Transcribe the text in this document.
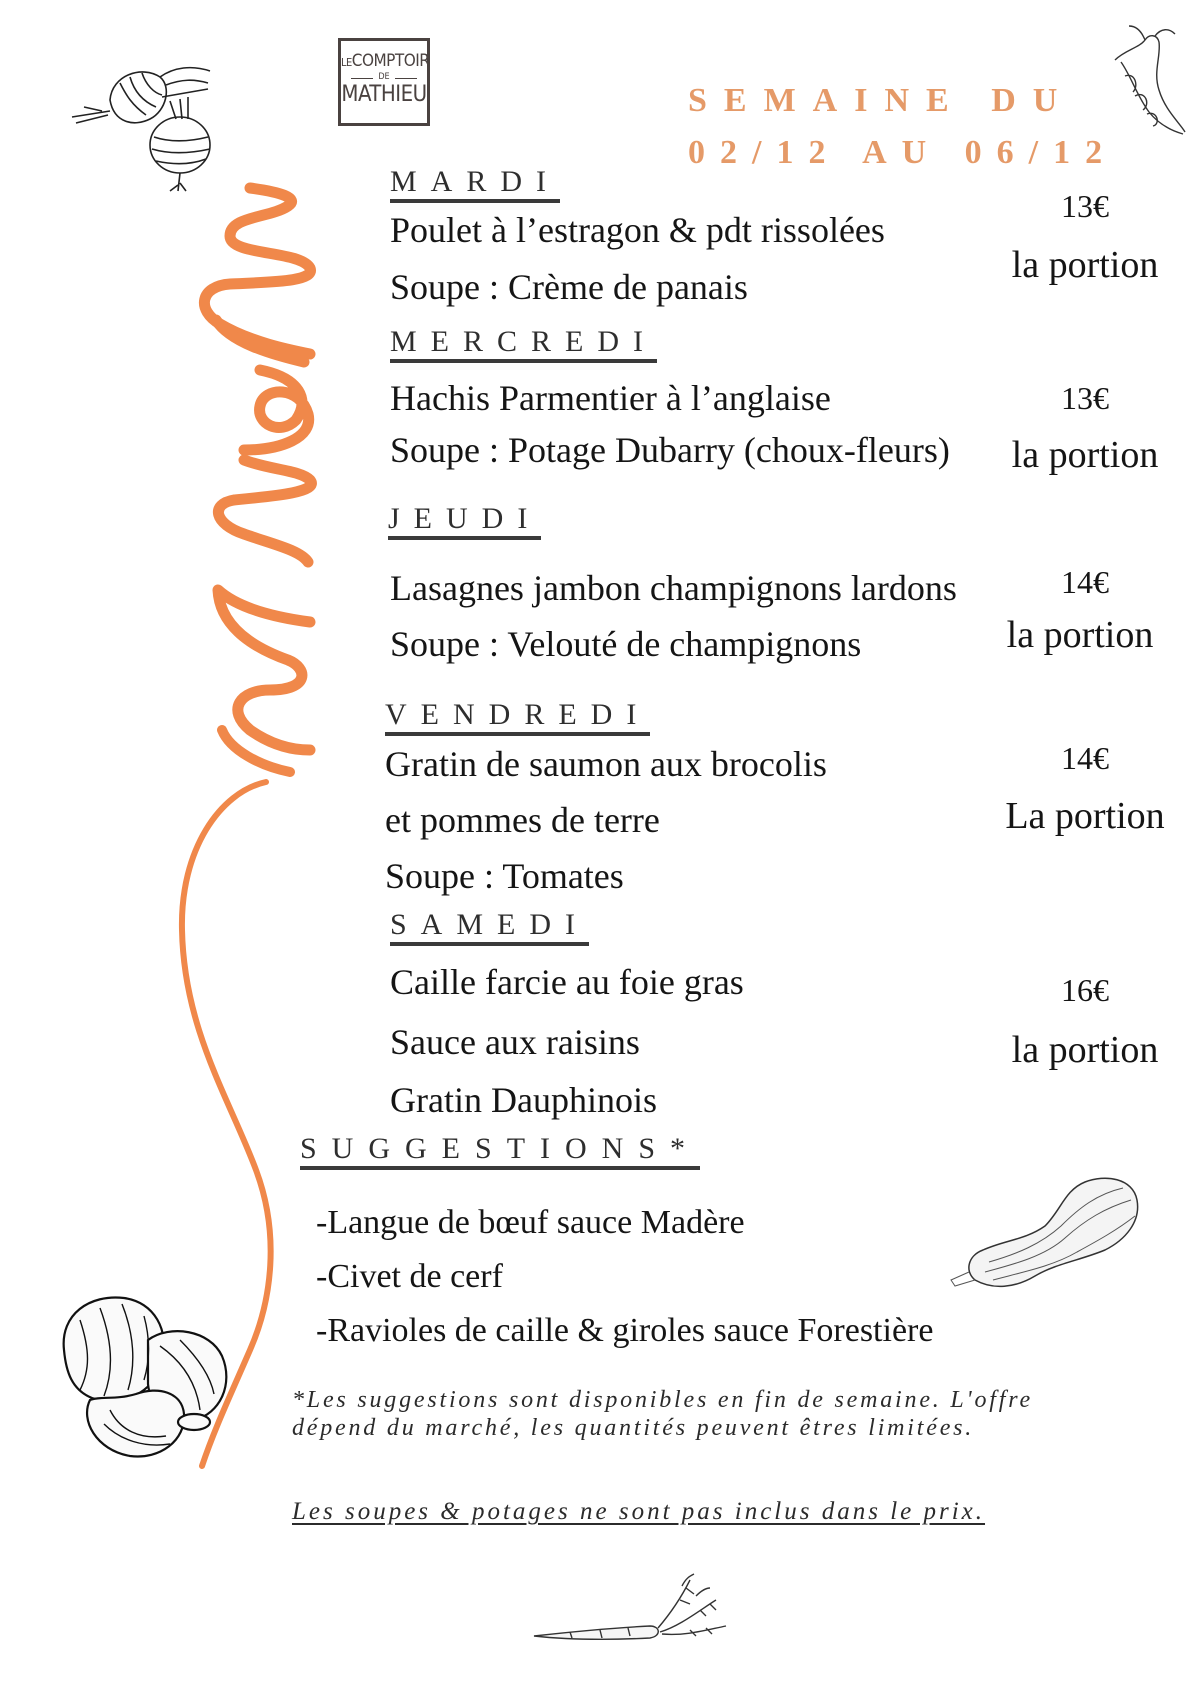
LECOMPTOIR
DE
MATHIEU	SEMAINE DU
02/12 AU 06/12
MARDI
Poulet à l’estragon & pdt rissolées
Soupe : Crème de panais
13€
la portion
MERCREDI
Hachis Parmentier à l’anglaise
Soupe : Potage Dubarry (choux-fleurs)
13€
la portion
JEUDI
Lasagnes jambon champignons lardons
Soupe : Velouté de champignons
14€
la portion
VENDREDI
Gratin de saumon aux brocolis
et pommes de terre
Soupe : Tomates
14€
La portion
SAMEDI
Caille farcie au foie gras
Sauce aux raisins
Gratin Dauphinois
16€
la portion
SUGGESTIONS*
-Langue de bœuf sauce Madère
-Civet de cerf
-Ravioles de caille & giroles sauce Forestière
*Les suggestions sont disponibles en fin de semaine. L'offre dépend du marché, les quantités peuvent êtres limitées.
Les soupes & potages ne sont pas inclus dans le prix.
